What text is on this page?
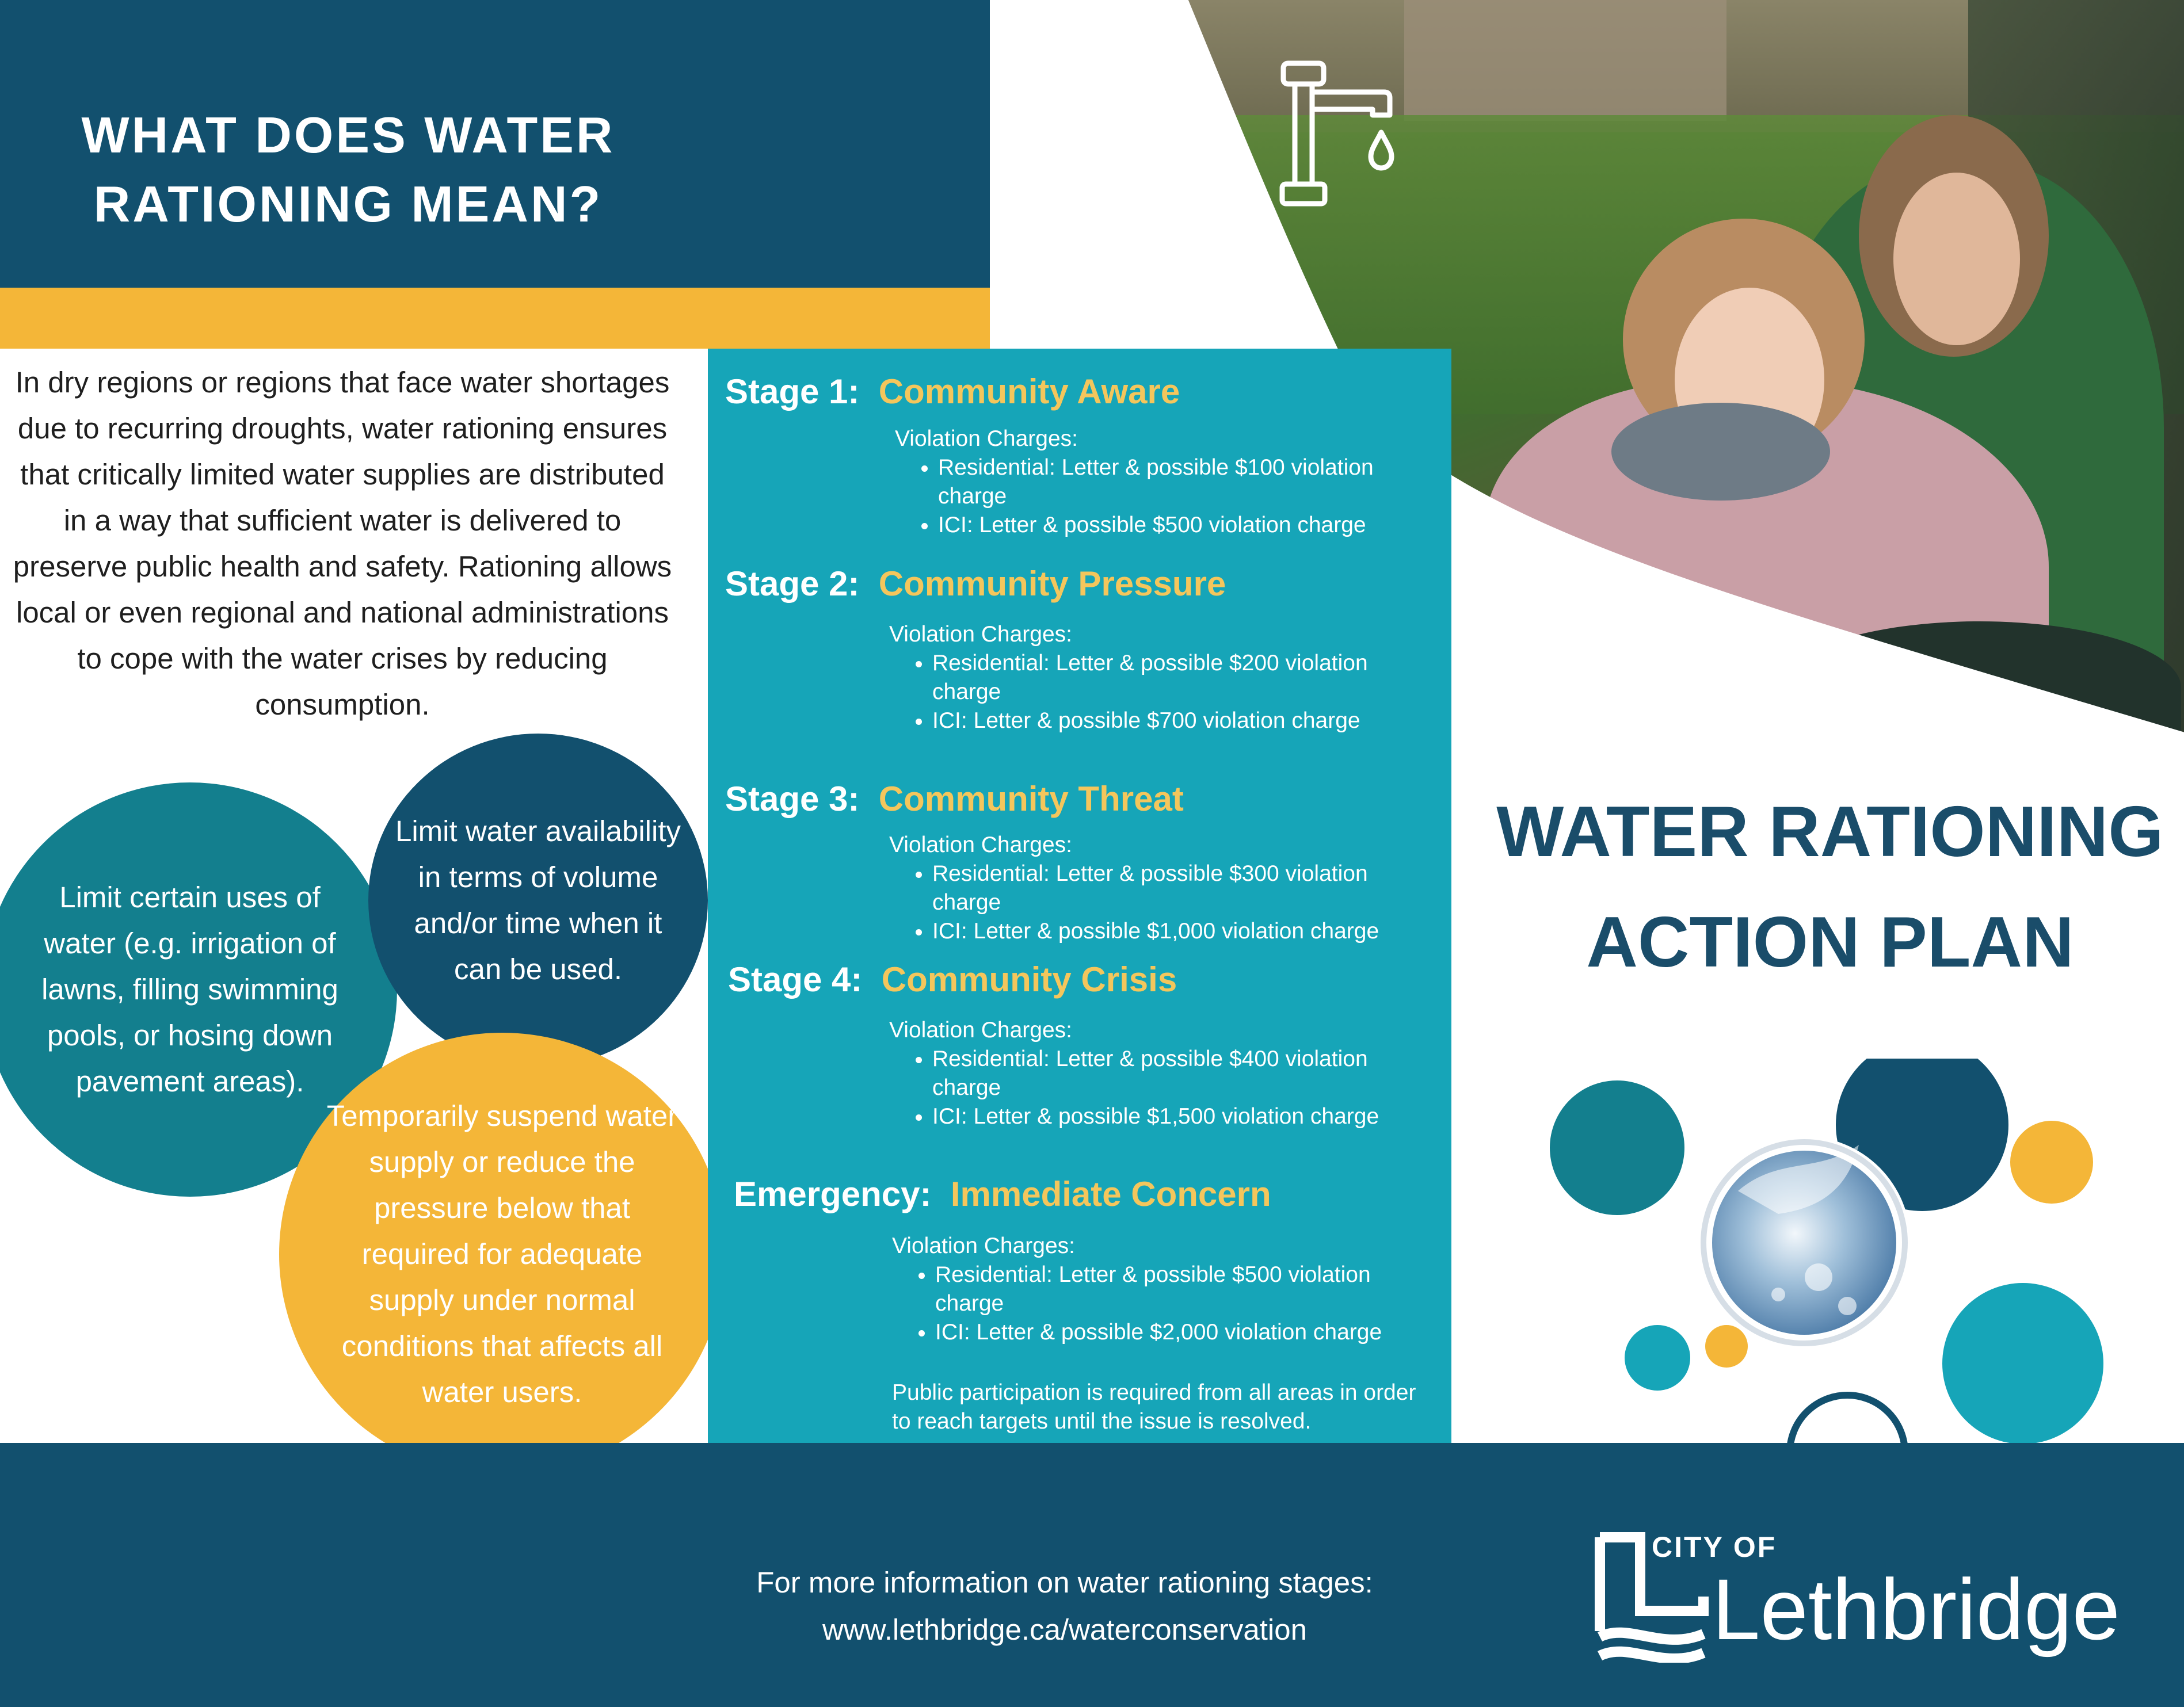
WHAT DOES WATER
RATIONING MEAN?

In dry regions or regions that face water shortages due to recurring droughts, water rationing ensures that critically limited water supplies are distributed in a way that sufficient water is delivered to preserve public health and safety. Rationing allows local or even regional and national administrations to cope with the water crises by reducing consumption.

Limit certain uses of water (e.g. irrigation of lawns, filling swimming pools, or hosing down pavement areas).
Limit water availability in terms of volume and/or time when it can be used.
Temporarily suspend water supply or reduce the pressure below that required for adequate supply under normal conditions that affects all water users.
Stage 1: Community Aware
Violation Charges:
• Residential: Letter & possible $100 violation charge
• ICI: Letter & possible $500 violation charge
Stage 2: Community Pressure
Violation Charges:
• Residential: Letter & possible $200 violation charge
• ICI: Letter & possible $700 violation charge
Stage 3: Community Threat
Violation Charges:
• Residential: Letter & possible $300 violation charge
• ICI: Letter & possible $1,000 violation charge
Stage 4: Community Crisis
Violation Charges:
• Residential: Letter & possible $400 violation charge
• ICI: Letter & possible $1,500 violation charge
Emergency: Immediate Concern
Violation Charges:
• Residential: Letter & possible $500 violation charge
• ICI: Letter & possible $2,000 violation charge
Public participation is required from all areas in order to reach targets until the issue is resolved.
WATER RATIONING
ACTION PLAN

For more information on water rationing stages:
www.lethbridge.ca/waterconservation

CITY OF
Lethbridge
